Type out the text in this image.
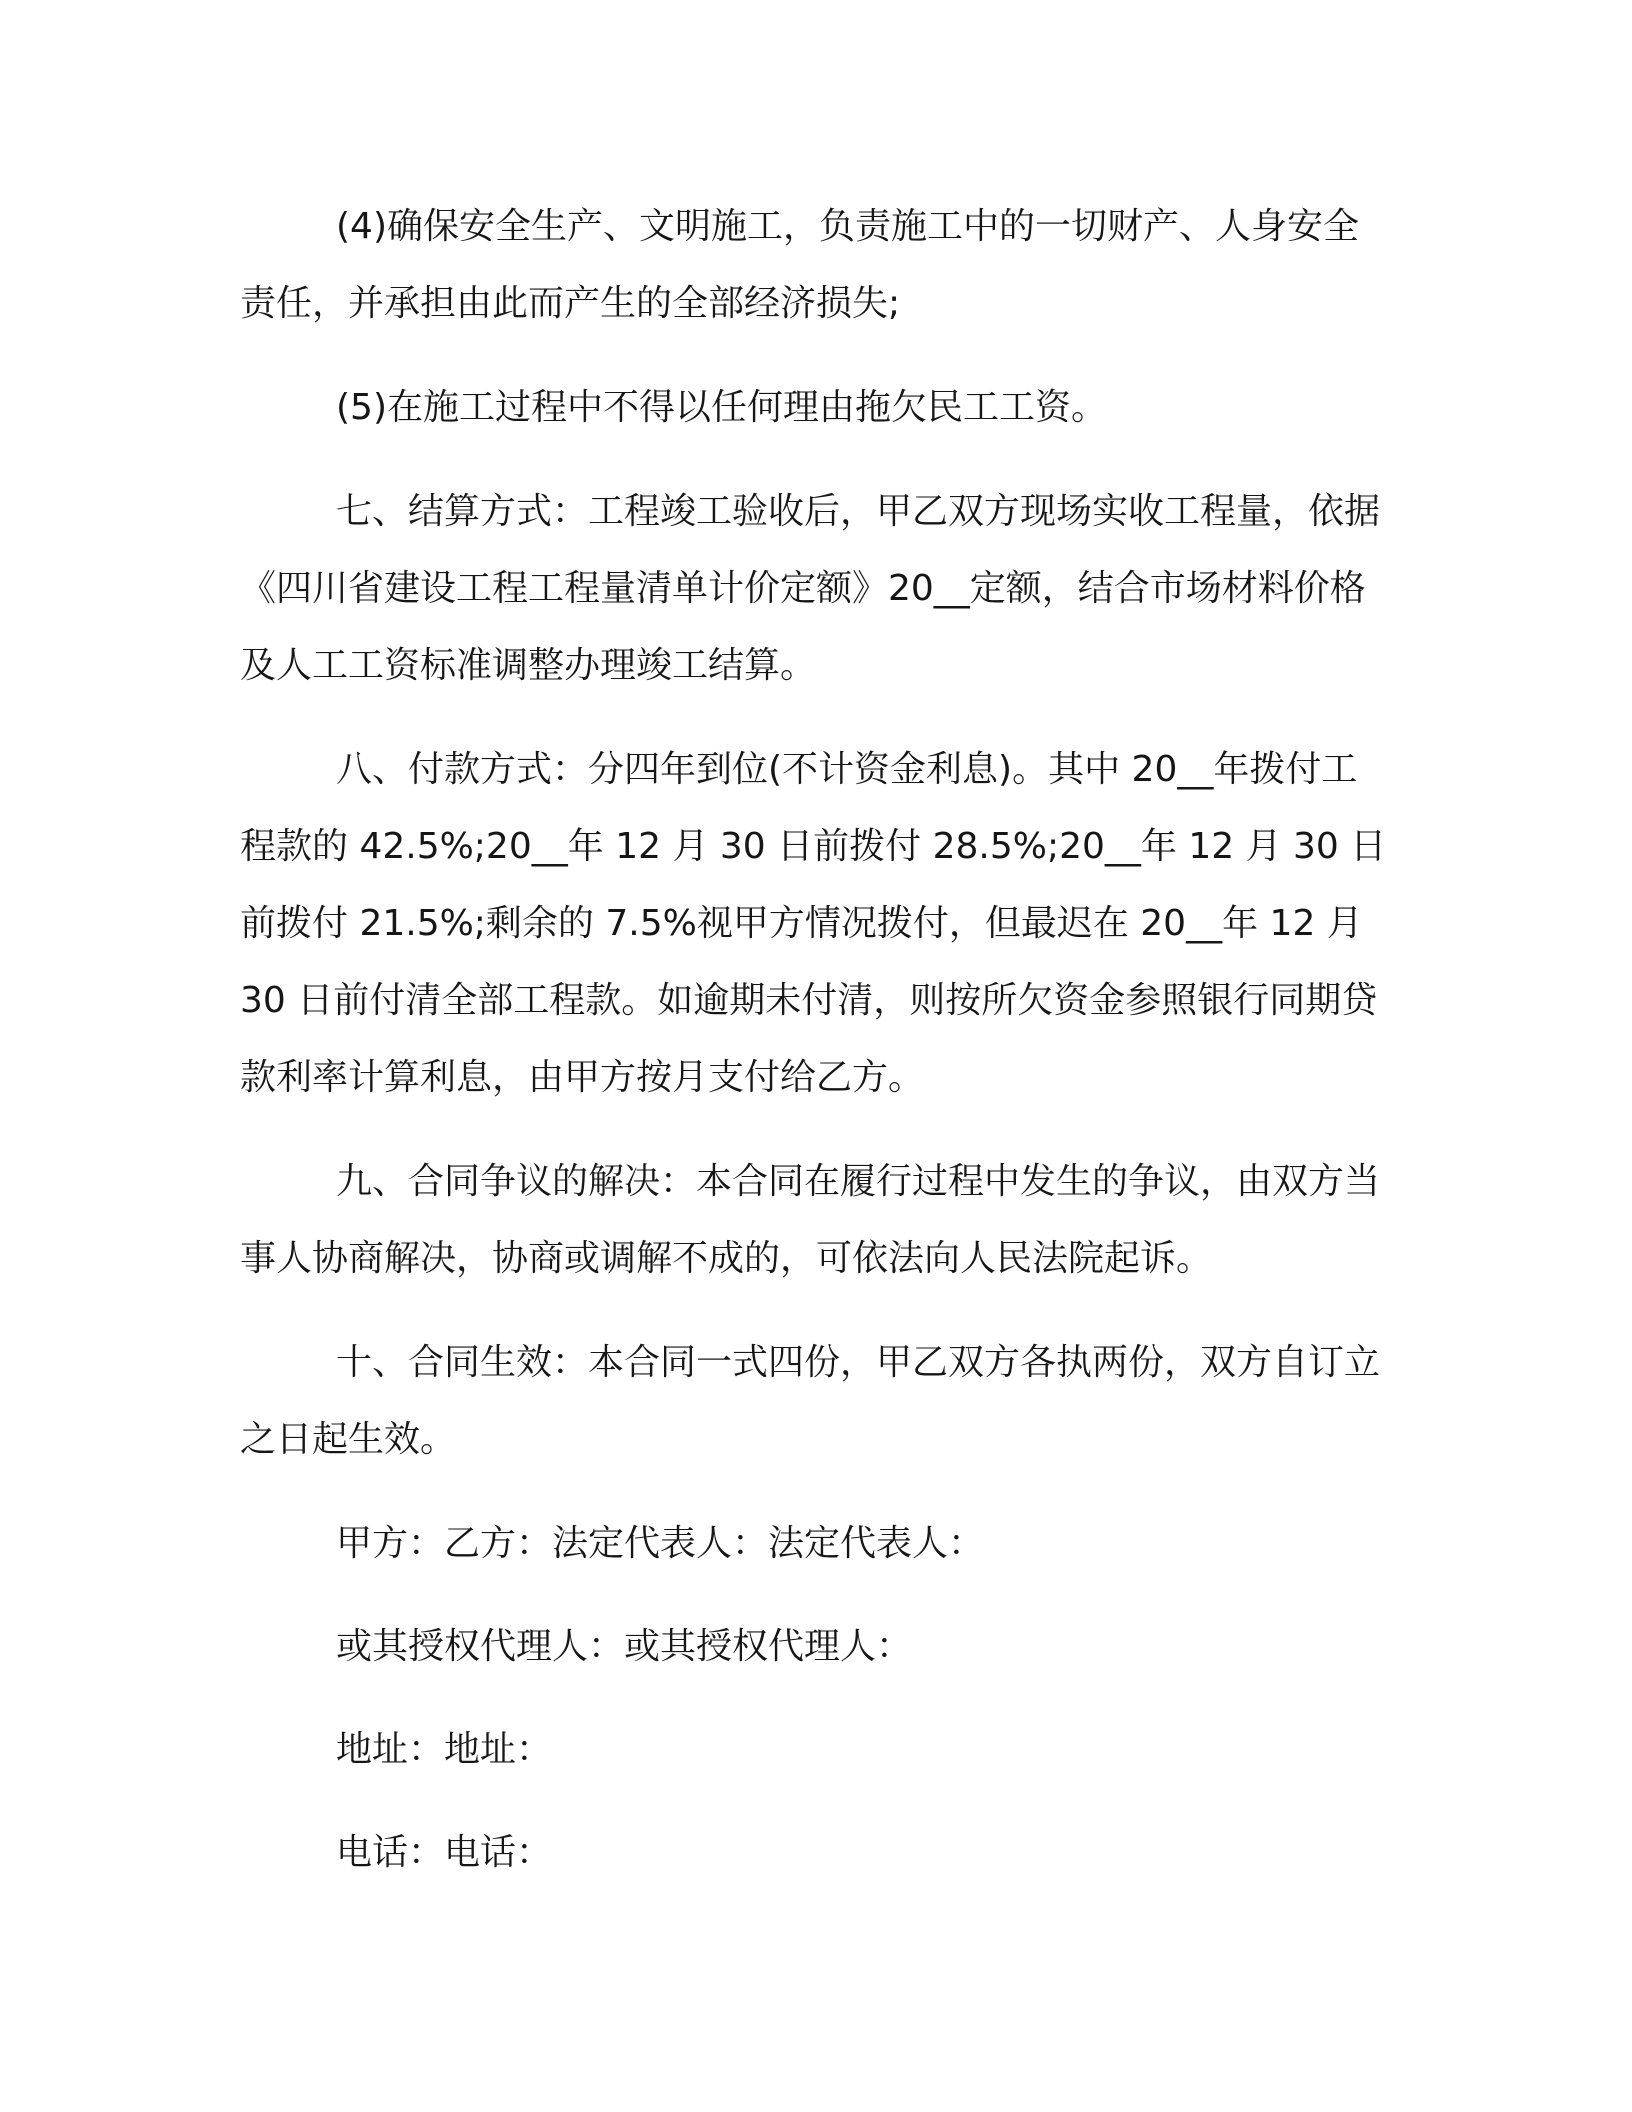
(4)确保安全生产、文明施工，负责施工中的一切财产、人身安全责任，并承担由此而产生的全部经济损失;

(5)在施工过程中不得以任何理由拖欠民工工资。

七、结算方式：工程竣工验收后，甲乙双方现场实收工程量，依据《四川省建设工程工程量清单计价定额》20__定额，结合市场材料价格及人工工资标准调整办理竣工结算。

八、付款方式：分四年到位(不计资金利息)。其中 20__年拨付工程款的 42.5%;20__年 12 月 30 日前拨付 28.5%;20__年 12 月 30 日前拨付 21.5%;剩余的 7.5%视甲方情况拨付，但最迟在 20__年 12 月 30 日前付清全部工程款。如逾期未付清，则按所欠资金参照银行同期贷款利率计算利息，由甲方按月支付给乙方。

九、合同争议的解决：本合同在履行过程中发生的争议，由双方当事人协商解决，协商或调解不成的，可依法向人民法院起诉。

十、合同生效：本合同一式四份，甲乙双方各执两份，双方自订立之日起生效。

甲方：乙方：法定代表人：法定代表人：

或其授权代理人：或其授权代理人：

地址：地址：

电话：电话：
